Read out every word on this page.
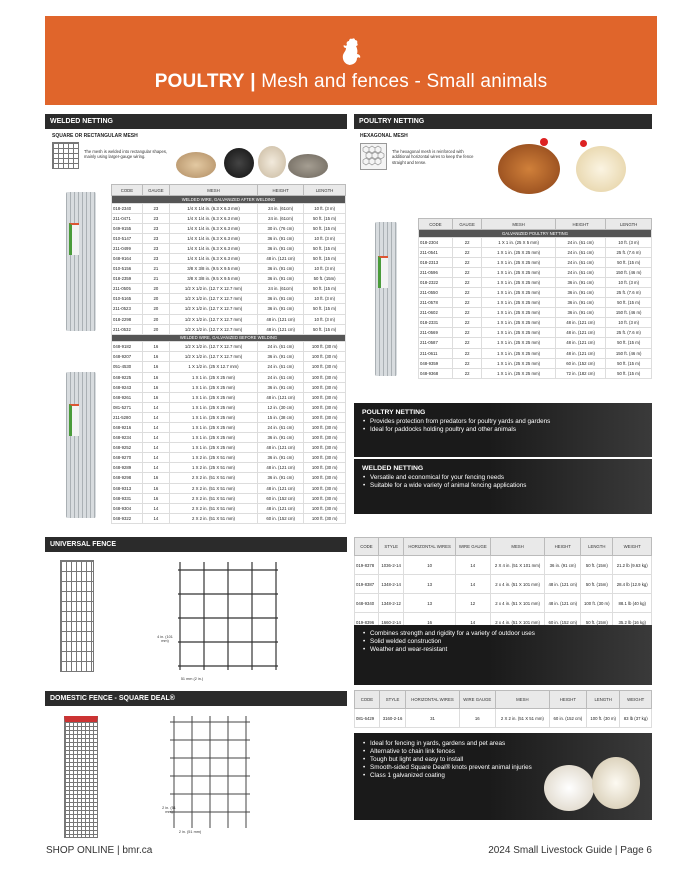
POULTRY | Mesh and fences - Small animals
WELDED NETTING
SQUARE OR RECTANGULAR MESH
The mesh is welded into rectangular shapes, mainly using larger-gauge wiring.
CODE	GAUGE	MESH	HEIGHT	LENGTH
WELDED WIRE, GALVANIZED AFTER WELDING				
018-2340	23	1/4 X 1/4 in. (6.3 X 6.3 mm)	24 in. (61cm)	10 ft. (3 m)
211-0471	23	1/4 X 1/4 in. (6.3 X 6.3 mm)	24 in. (61cm)	50 ft. (15 m)
049-9155	23	1/4 X 1/4 in. (6.3 X 6.3 mm)	30 in. (76 cm)	50 ft. (15 m)
010-5147	23	1/4 X 1/4 in. (6.3 X 6.3 mm)	36 in. (91 cm)	10 ft. (3 m)
211-0499	23	1/4 X 1/4 in. (6.3 X 6.3 mm)	36 in. (91 cm)	50 ft. (15 m)
048-9164	23	1/4 X 1/4 in. (6.3 X 6.3 mm)	48 in. (121 cm)	50 ft. (15 m)
010-5156	21	3/8 X 3/8 in. (9.5 X 9.5 mm)	36 in. (91 cm)	10 ft. (3 m)
018-2359	21	3/8 X 3/8 in. (9.5 X 9.5 mm)	36 in. (91 cm)	50 ft. (15m)
211-0505	20	1/2 X 1/2 in. (12.7 X 12.7 mm)	24 in. (61cm)	50 ft. (15 m)
010-5165	20	1/2 X 1/2 in. (12.7 X 12.7 mm)	36 in. (91 cm)	10 ft. (3 m)
211-0523	20	1/2 X 1/2 in. (12.7 X 12.7 mm)	36 in. (91 cm)	50 ft. (15 m)
018-2298	20	1/2 X 1/2 in. (12.7 X 12.7 mm)	48 in. (121 cm)	10 ft. (3 m)
211-0532	20	1/2 X 1/2 in. (12.7 X 12.7 mm)	48 in. (121 cm)	50 ft. (15 m)
WELDED WIRE, GALVANIZED BEFORE WELDING				
048-9182	16	1/2 X 1/2 in. (12.7 X 12.7 mm)	24 in. (61 cm)	100 ft. (30 m)
048-9207	16	1/2 X 1/2 in. (12.7 X 12.7 mm)	36 in. (91 cm)	100 ft. (30 m)
051-4530	16	1 X 1/2 in. (25 X 12.7 mm)	24 in. (61 cm)	100 ft. (30 m)
048-9225	16	1 X 1 in. (25 X 25 mm)	24 in. (61 cm)	100 ft. (30 m)
048-9243	16	1 X 1 in. (25 X 25 mm)	36 in. (91 cm)	100 ft. (30 m)
048-9261	16	1 X 1 in. (25 X 25 mm)	48 in. (121 cm)	100 ft. (30 m)
081-5271	14	1 X 1 in. (25 X 25 mm)	12 in. (30 cm)	100 ft. (30 m)
211-5280	14	1 X 1 in. (25 X 25 mm)	15 in. (38 cm)	100 ft. (30 m)
048-9216	14	1 X 1 in. (25 X 25 mm)	24 in. (61 cm)	100 ft. (30 m)
048-9234	14	1 X 1 in. (25 X 25 mm)	36 in. (91 cm)	100 ft. (30 m)
048-9252	14	1 X 1 in. (25 X 25 mm)	48 in. (121 cm)	100 ft. (30 m)
048-9270	14	1 X 2 in. (25 X 51 mm)	36 in. (91 cm)	100 ft. (30 m)
048-9289	14	1 X 2 in. (25 X 51 mm)	48 in. (121 cm)	100 ft. (30 m)
048-9298	16	2 X 2 in. (51 X 51 mm)	36 in. (91 cm)	100 ft. (30 m)
048-9313	16	2 X 2 in. (51 X 51 mm)	48 in. (121 cm)	100 ft. (30 m)
048-9331	16	2 X 2 in. (51 X 51 mm)	60 in. (152 cm)	100 ft. (30 m)
048-9304	14	2 X 2 in. (51 X 51 mm)	48 in. (121 cm)	100 ft. (30 m)
048-9322	14	2 X 2 in. (51 X 51 mm)	60 in. (152 cm)	100 ft. (30 m)
POULTRY NETTING
HEXAGONAL MESH
The hexagonal mesh is reinforced with additional horizontal wires to keep the fence straight and tense.
CODE	GAUGE	MESH	HEIGHT	LENGTH
GALVANIZED POULTRY NETTING				
018-2304	22	1 X 1 in. (25 X 5 mm)	24 in. (61 cm)	10 ft. (3 m)
211-0541	22	1 X 1 in. (25 X 25 mm)	24 in. (61 cm)	25 ft. (7.6 m)
018-2313	22	1 X 1 in. (25 X 25 mm)	24 in. (61 cm)	50 ft. (15 m)
211-0596	22	1 X 1 in. (25 X 25 mm)	24 in. (61 cm)	150 ft. (46 m)
018-2322	22	1 X 1 in. (25 X 25 mm)	36 in. (91 cm)	10 ft. (3 m)
211-0550	22	1 X 1 in. (25 X 25 mm)	36 in. (91 cm)	25 ft. (7.6 m)
211-0578	22	1 X 1 in. (25 X 25 mm)	36 in. (91 cm)	50 ft. (15 m)
211-0602	22	1 X 1 in. (25 X 25 mm)	36 in. (91 cm)	150 ft. (46 m)
018-2331	22	1 X 1 in. (25 X 25 mm)	48 in. (121 cm)	10 ft. (3 m)
211-0569	22	1 X 1 in. (25 X 25 mm)	48 in. (121 cm)	25 ft. (7.6 m)
211-0587	22	1 X 1 in. (25 X 25 mm)	48 in. (121 cm)	50 ft. (15 m)
211-0611	22	1 X 1 in. (25 X 25 mm)	48 in. (121 cm)	150 ft. (46 m)
048-9359	22	1 X 1 in. (25 X 25 mm)	60 in. (152 cm)	50 ft. (15 m)
048-9368	22	1 X 1 in. (25 X 25 mm)	72 in. (182 cm)	50 ft. (15 m)
POULTRY NETTING
• Provides protection from predators for poultry yards and gardens
• Ideal for paddocks holding poultry and other animals
WELDED NETTING
• Versatile and economical for your fencing needs
• Suitable for a wide variety of animal fencing applications
UNIVERSAL FENCE
4 in. (101 mm)
51 mm (2 in.)
CODE	STYLE	HORIZONTAL WIRES	WIRE GAUGE	MESH	HEIGHT	LENGTH	WEIGHT
019-8378	1036-2-14	10	14	2 X 4 in. (51 X 101 mm)	36 in. (91 cm)	50 ft. (15m)	21.2 lb (9.63 kg)
019-8387	1348-2-14	13	14	2 x 4 in. (51 X 101 mm)	48 in. (121 cm)	50 ft. (15m)	28.4 lb (12.9 kg)
048-9340	1348-2-12	13	12	2 x 4 in. (51 X 101 mm)	48 in. (121 cm)	100 ft. (30 m)	88.1 lb (40 kg)
019-8396	1660-2-14	16	14	2 x 4 in. (51 X 101 mm)	60 in. (152 cm)	50 ft. (15m)	35.2 lb (16 kg)
• Combines strength and rigidity for a variety of outdoor uses
• Solid welded construction
• Weather and wear-resistant
DOMESTIC FENCE - SQUARE DEAL®
2 in. (51 mm)
2 in. (51 mm)
CODE	STYLE	HORIZONTAL WIRES	WIRE GAUGE	MESH	HEIGHT	LENGTH	WEIGHT
081-6429	3160-2-16	31	16	2 X 2 in. (51 X 51 mm)	60 in. (152 cm)	100 ft. (30 m)	83 lb (37 kg)
• Ideal for fencing in yards, gardens and pet areas
• Alternative to chain link fences
• Tough but light and easy to install
• Smooth-sided Square Deal® knots prevent animal injuries
• Class 1 galvanized coating
SHOP ONLINE | bmr.ca	2024 Small Livestock Guide | Page 6
